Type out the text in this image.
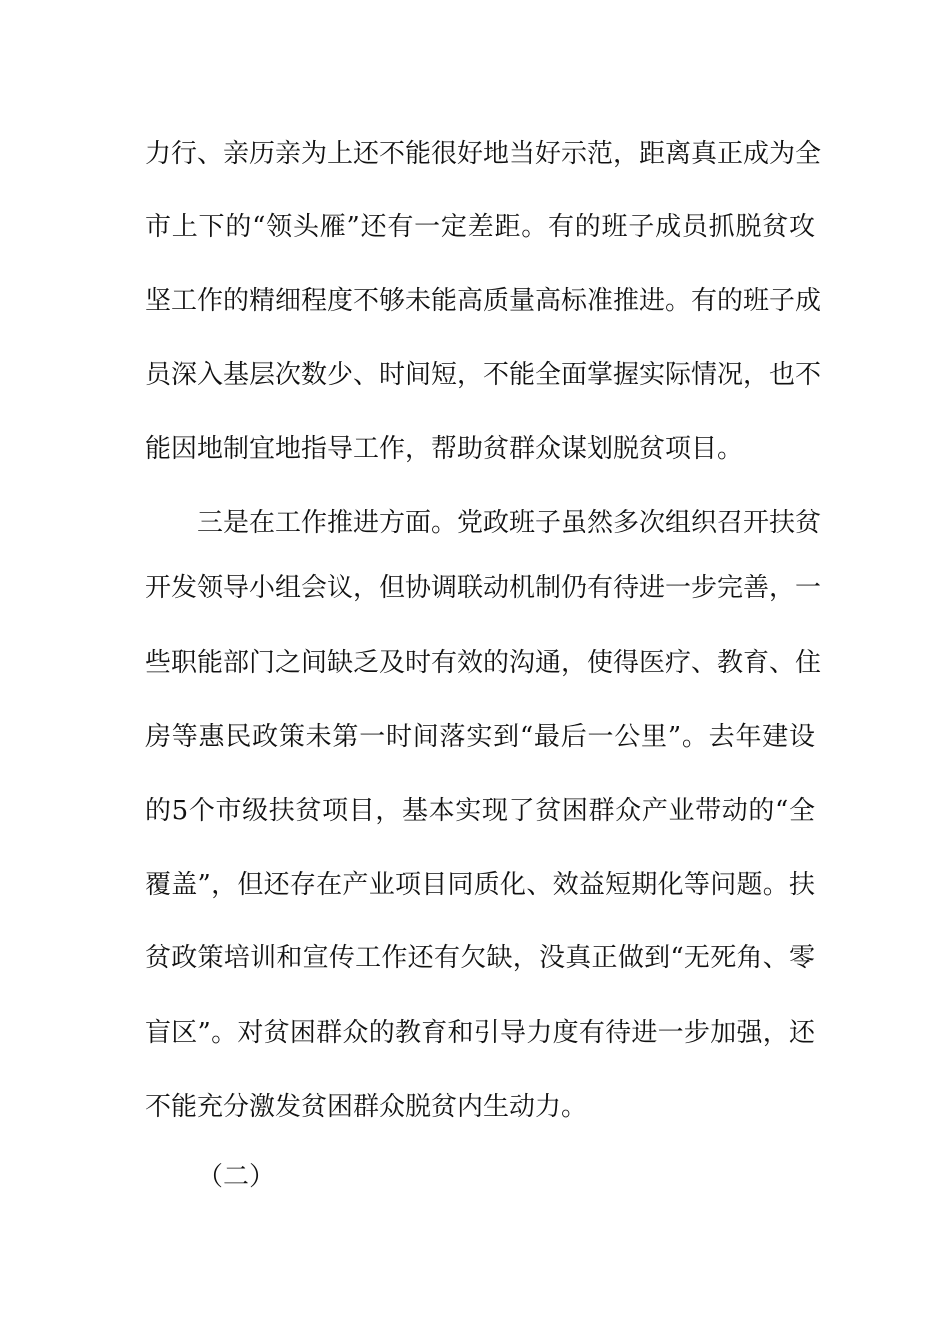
力行、亲历亲为上还不能很好地当好示范，距离真正成为全
市上下的“领头雁”还有一定差距。有的班子成员抓脱贫攻
坚工作的精细程度不够未能高质量高标准推进。有的班子成
员深入基层次数少、时间短，不能全面掌握实际情况，也不
能因地制宜地指导工作，帮助贫群众谋划脱贫项目。
三是在工作推进方面。党政班子虽然多次组织召开扶贫
开发领导小组会议，但协调联动机制仍有待进一步完善，一
些职能部门之间缺乏及时有效的沟通，使得医疗、教育、住
房等惠民政策未第一时间落实到“最后一公里”。去年建设
的5个市级扶贫项目，基本实现了贫困群众产业带动的“全
覆盖”，但还存在产业项目同质化、效益短期化等问题。扶
贫政策培训和宣传工作还有欠缺，没真正做到“无死角、零
盲区”。对贫困群众的教育和引导力度有待进一步加强，还
不能充分激发贫困群众脱贫内生动力。
（二）
